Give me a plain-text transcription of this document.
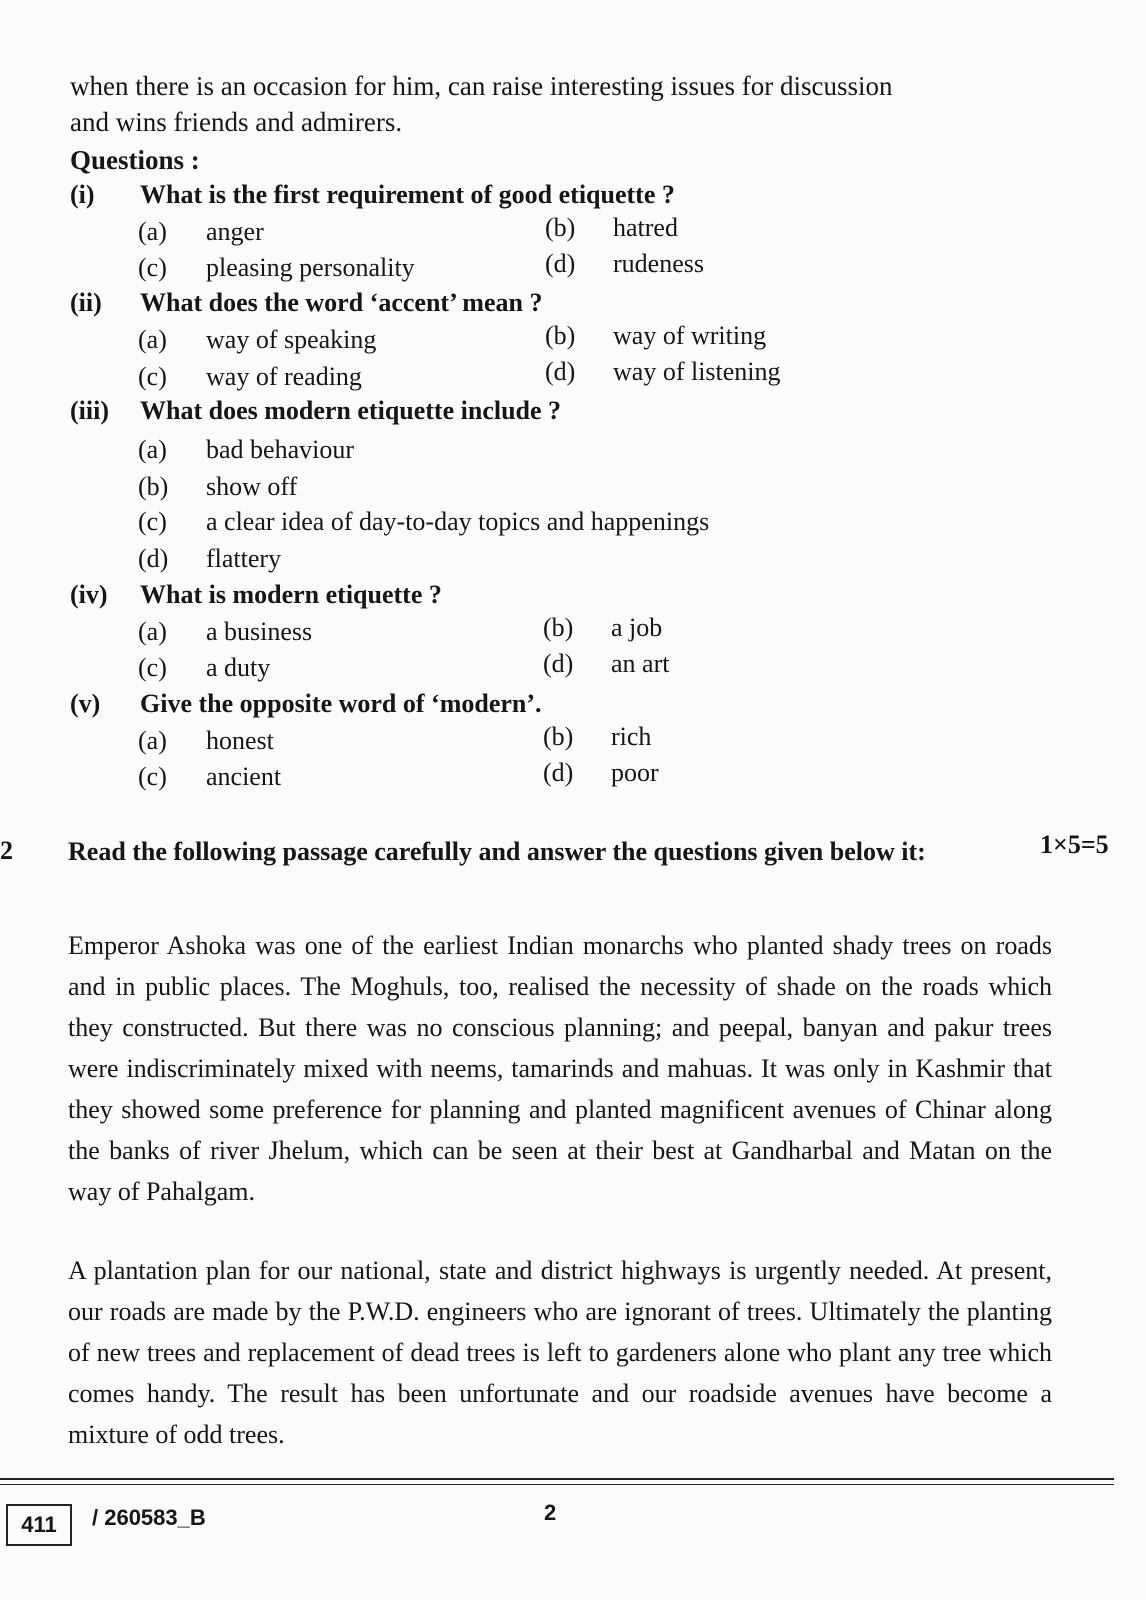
when there is an occasion for him, can raise interesting issues for discussion
and wins friends and admirers.
Questions :
(i) What is the first requirement of good etiquette ?
(a) anger	(b) hatred
(c) pleasing personality	(d) rudeness
(ii) What does the word ‘accent’ mean ?
(a) way of speaking	(b) way of writing
(c) way of reading	(d) way of listening
(iii) What does modern etiquette include ?
(a) bad behaviour
(b) show off
(c) a clear idea of day-to-day topics and happenings
(d) flattery
(iv) What is modern etiquette ?
(a) a business	(b) a job
(c) a duty	(d) an art
(v) Give the opposite word of ‘modern’.
(a) honest	(b) rich
(c) ancient	(d) poor
2 Read the following passage carefully and answer the questions given below it:	1×5=5
Emperor Ashoka was one of the earliest Indian monarchs who planted shady trees on roads and in public places. The Moghuls, too, realised the necessity of shade on the roads which they constructed. But there was no conscious planning; and peepal, banyan and pakur trees were indiscriminately mixed with neems, tamarinds and mahuas. It was only in Kashmir that they showed some preference for planning and planted magnificent avenues of Chinar along the banks of river Jhelum, which can be seen at their best at Gandharbal and Matan on the way of Pahalgam.
A plantation plan for our national, state and district highways is urgently needed. At present, our roads are made by the P.W.D. engineers who are ignorant of trees. Ultimately the planting of new trees and replacement of dead trees is left to gardeners alone who plant any tree which comes handy. The result has been unfortunate and our roadside avenues have become a mixture of odd trees.
411	/ 260583_B	2
